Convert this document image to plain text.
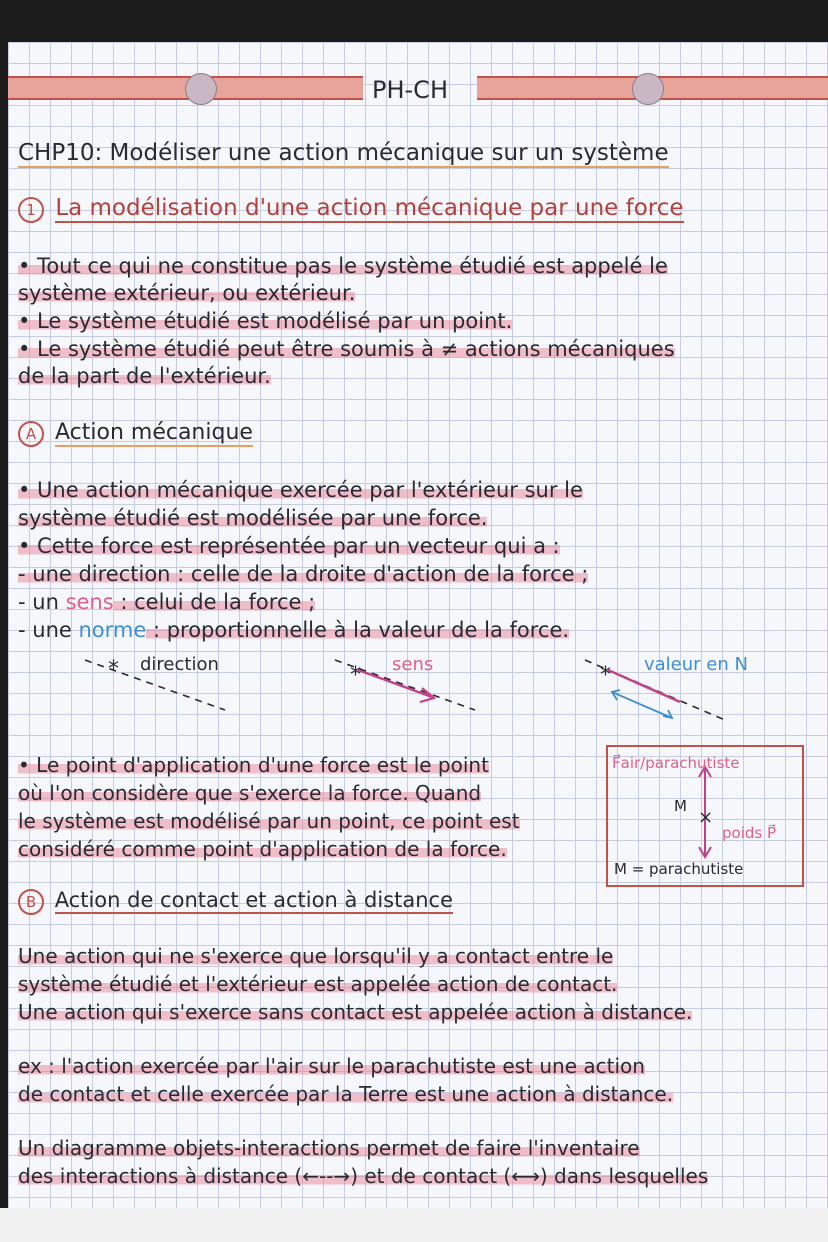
PH-CH
CHP10: Modéliser une action mécanique sur un système
1 La modélisation d'une action mécanique par une force
• Tout ce qui ne constitue pas le système étudié est appelé le
système extérieur, ou extérieur.
• Le système étudié est modélisé par un point.
• Le système étudié peut être soumis à ≠ actions mécaniques
de la part de l'extérieur.
A Action mécanique
• Une action mécanique exercée par l'extérieur sur le
système étudié est modélisée par une force.
• Cette force est représentée par un vecteur qui a :
- une direction : celle de la droite d'action de la force ;
- un sens : celui de la force ;
- une norme : proportionnelle à la valeur de la force.
*	*	*
direction	sens	valeur en N
• Le point d'application d'une force est le point
où l'on considère que s'exerce la force. Quand
le système est modélisé par un point, ce point est
considéré comme point d'application de la force.
×
F⃗air/parachutiste
M
poids P⃗
M = parachutiste
B Action de contact et action à distance
Une action qui ne s'exerce que lorsqu'il y a contact entre le
système étudié et l'extérieur est appelée action de contact.
Une action qui s'exerce sans contact est appelée action à distance.
ex : l'action exercée par l'air sur le parachutiste est une action
de contact et celle exercée par la Terre est une action à distance.
Un diagramme objets-interactions permet de faire l'inventaire
des interactions à distance (←--→) et de contact (⟷) dans lesquelles
